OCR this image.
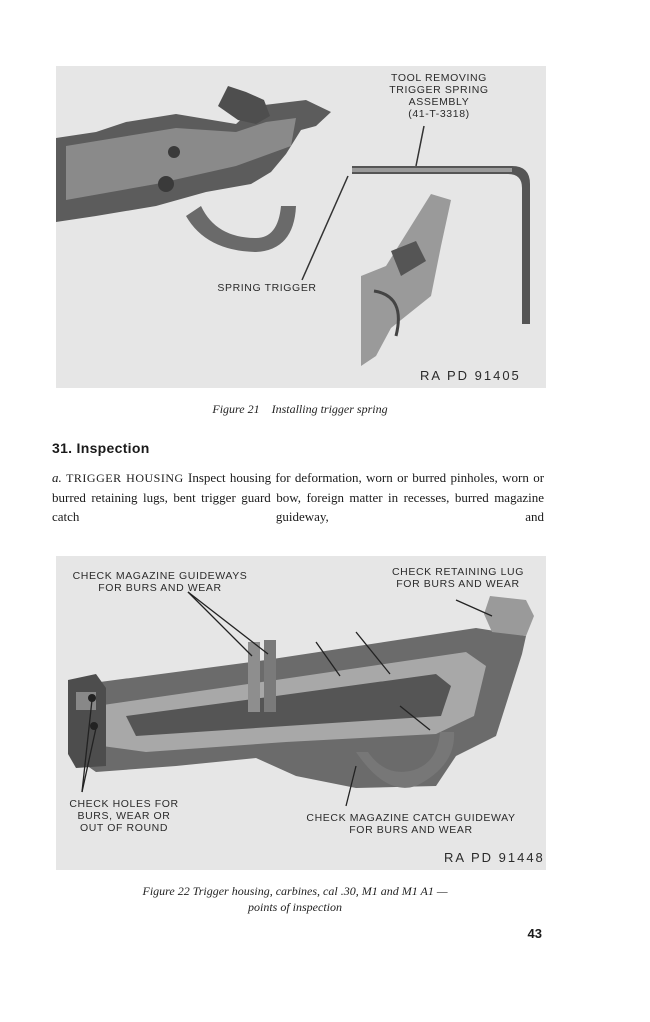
TOOL REMOVING
TRIGGER SPRING
ASSEMBLY
(41-T-3318)
SPRING TRIGGER
RA PD 91405
Figure 21    Installing trigger spring
31. Inspection
a. TRIGGER HOUSING Inspect housing for deformation, worn or burred pinholes, worn or burred retaining lugs, bent trigger guard bow, foreign matter in recesses, burred magazine catch guideway, and
CHECK MAGAZINE GUIDEWAYS
FOR BURS AND WEAR
CHECK RETAINING LUG
FOR BURS AND WEAR
CHECK HOLES FOR
BURS, WEAR OR
OUT OF ROUND
CHECK MAGAZINE CATCH GUIDEWAY
FOR BURS AND WEAR
RA PD 91448
Figure 22 Trigger housing, carbines, cal .30, M1 and M1 A1 —
points of inspection
43
